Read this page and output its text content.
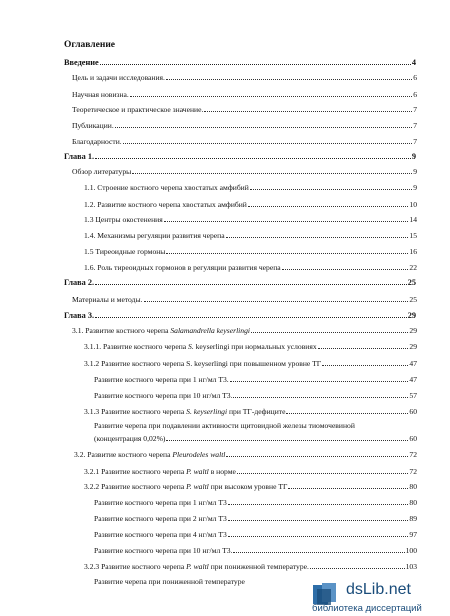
Оглавление
Введение	4
Цель и задачи исследования.	6
Научная новизна.	6
Теоретическое и практическое значение.	7
Публикации.	7
Благодарности.	7
Глава 1.	9
Обзор литературы	9
1.1. Строение костного черепа хвостатых амфибий	9
1.2. Развитие костного черепа хвостатых амфибий	10
1.3 Центры окостенения	14
1.4. Механизмы регуляции развития черепа	15
1.5 Тиреоидные гормоны	16
1.6. Роль тиреоидных гормонов в регуляции развития черепа	22
Глава 2.	25
Материалы и методы.	25
Глава 3.	29
3.1. Развитие костного черепа Salamandrella keyserlingi	29
3.1.1. Развитие костного черепа S. keyserlingi при нормальных условиях	29
3.1.2 Развитие костного черепа S. keyserlingi при повышенном уровне ТГ	47
Развитие костного черепа при 1 нг/мл Т3.	47
Развитие костного черепа при 10 нг/мл Т3.	57
3.1.3 Развитие костного черепа S. keyserlingi при ТГ-дефиците	60
Развитие черепа при подавлении активности щитовидной железы тиомочевиной
(концентрация 0,02%)	60
3.2. Развитие костного черепа Pleurodeles waltl	72
3.2.1 Развитие костного черепа P. waltl в норме	72
3.2.2 Развитие костного черепа P. waltl при высоком уровне ТГ	80
Развитие костного черепа при 1 нг/мл Т3	80
Развитие костного черепа при 2 нг/мл Т3	89
Развитие костного черепа при 4 нг/мл Т3	97
Развитие костного черепа при 10 нг/мл Т3.	100
3.2.3 Развитие костного черепа P. waltl при пониженной температуре.	103
Развитие черепа при пониженной температуре	dsLib.net
библиотека диссертаций
